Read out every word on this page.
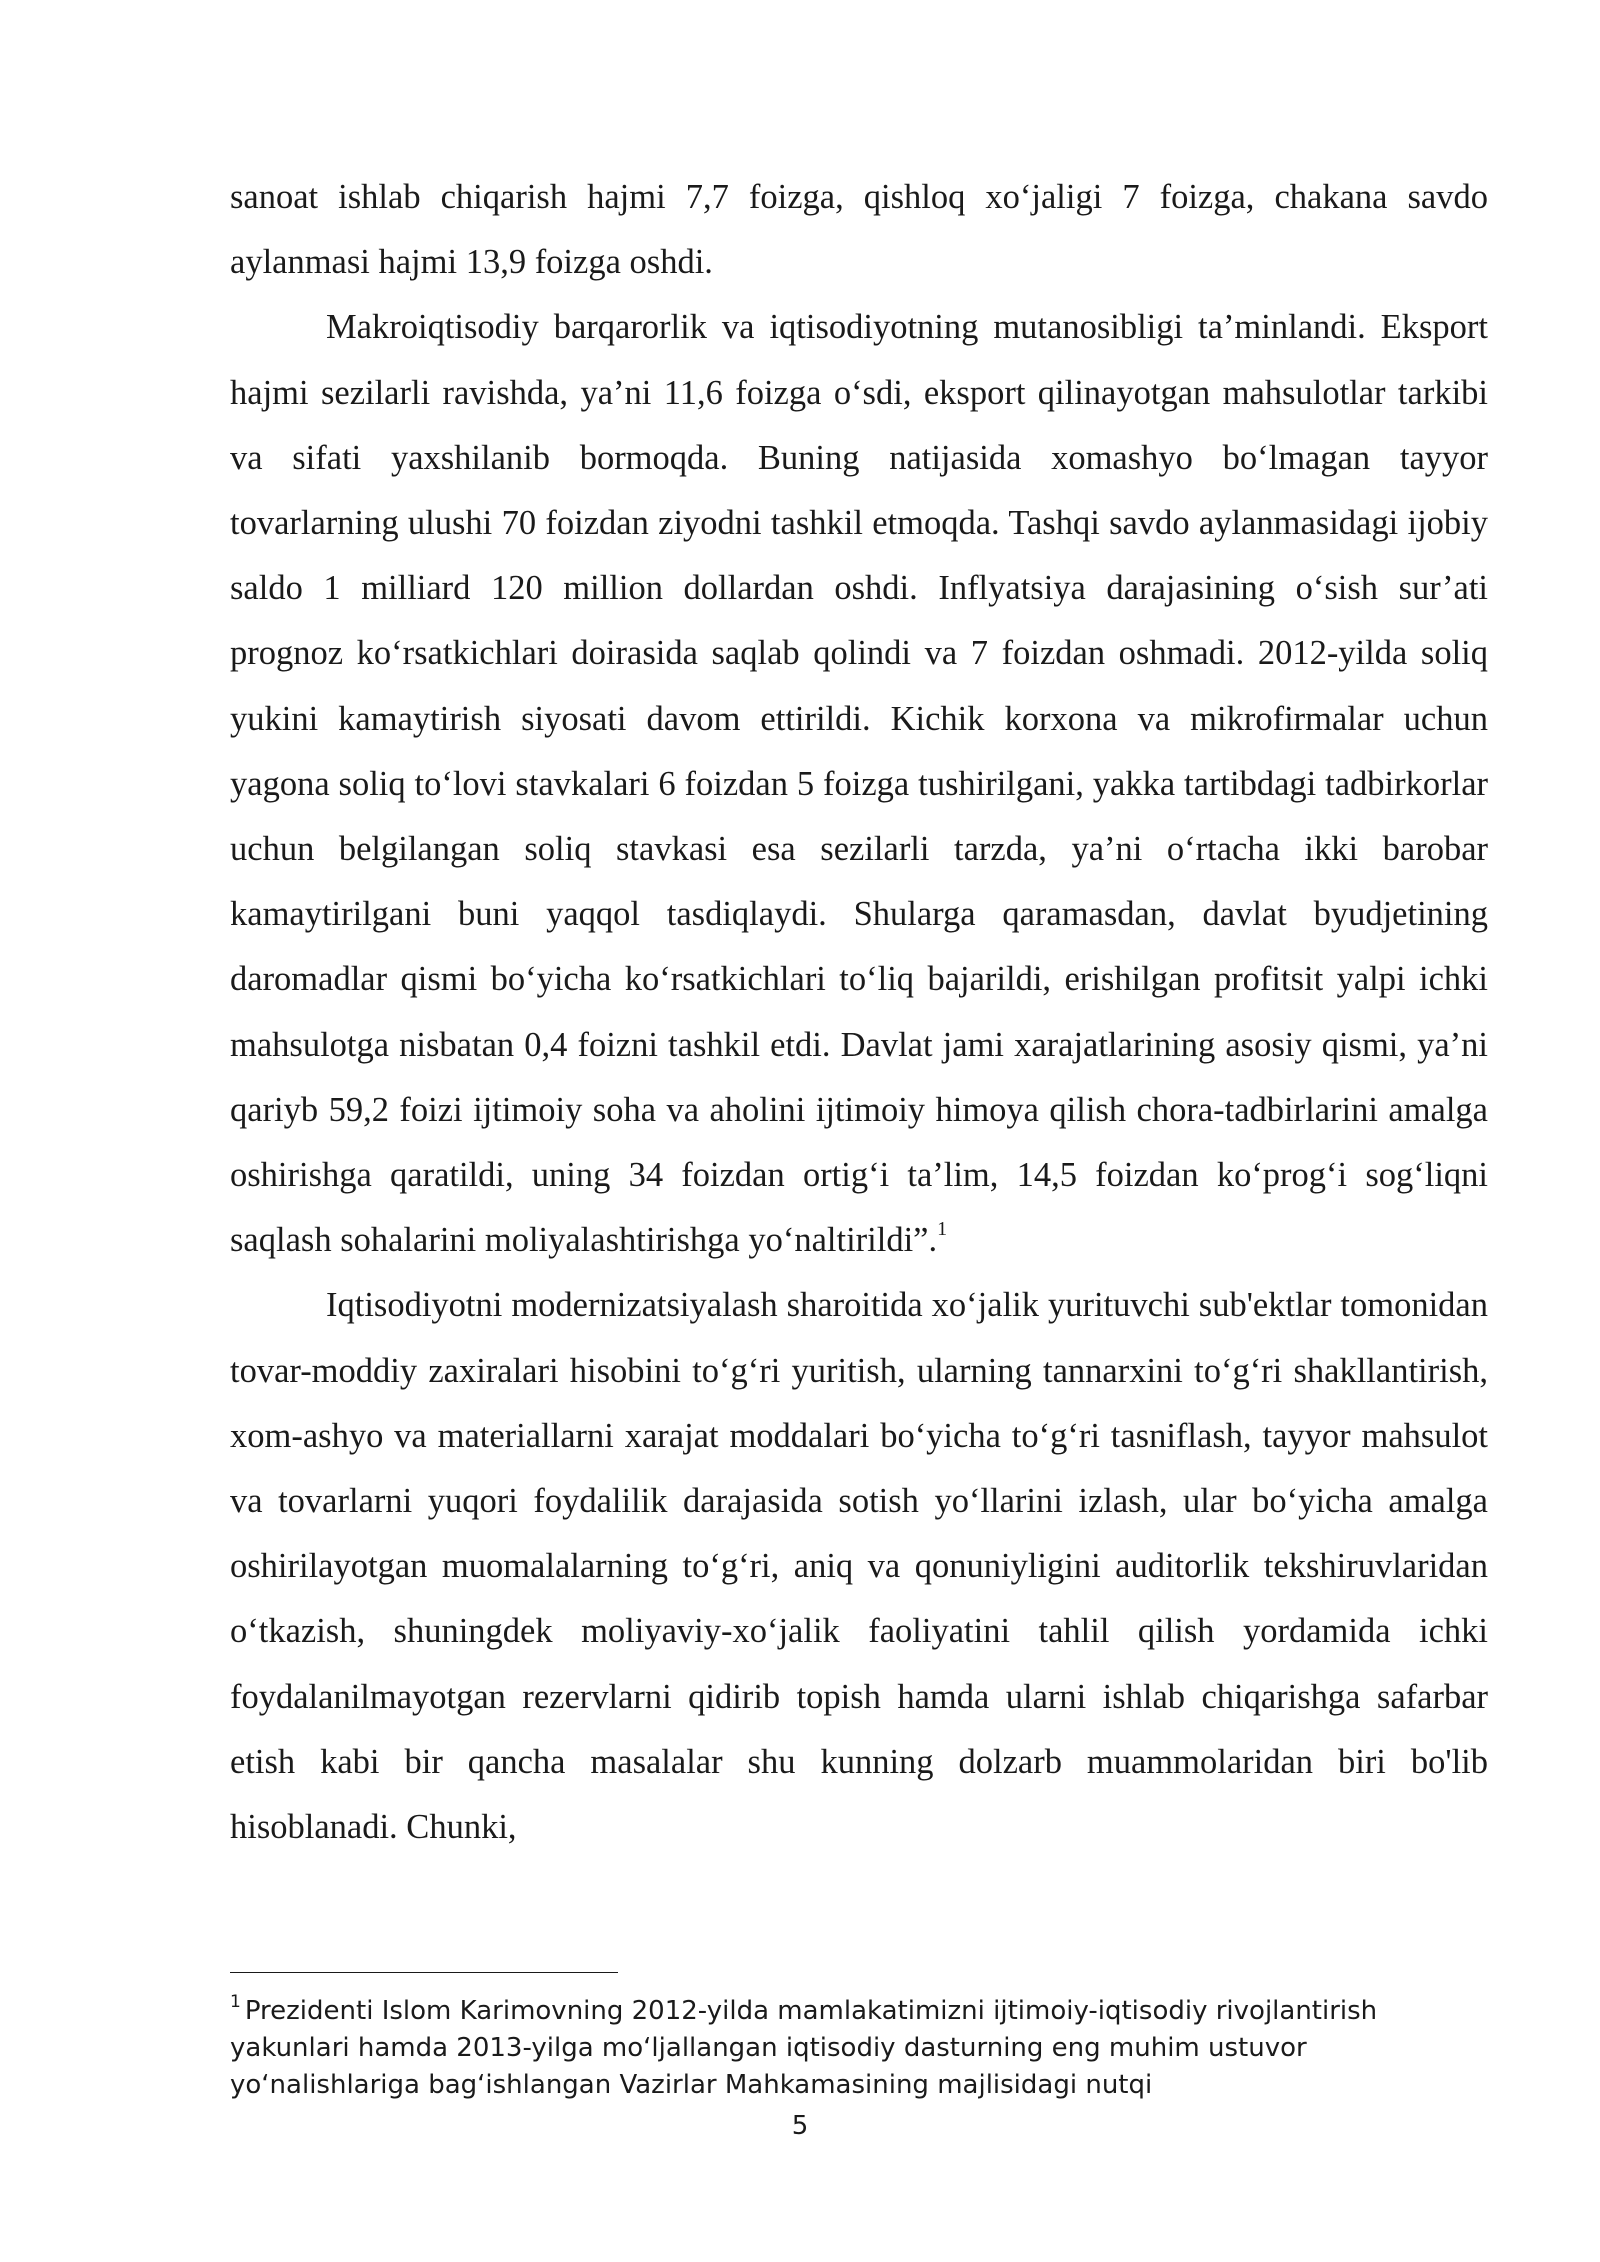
sanoat ishlab chiqarish hajmi 7,7 foizga, qishloq xo‘jaligi 7 foizga, chakana savdo aylanmasi hajmi 13,9 foizga oshdi.

Makroiqtisodiy barqarorlik va iqtisodiyotning mutanosibligi ta’minlandi. Eksport hajmi sezilarli ravishda, ya’ni 11,6 foizga o‘sdi, eksport qilinayotgan mahsulotlar tarkibi va sifati yaxshilanib bormoqda. Buning natijasida xomashyo bo‘lmagan tayyor tovarlarning ulushi 70 foizdan ziyodni tashkil etmoqda. Tashqi savdo aylanmasidagi ijobiy saldo 1 milliard 120 million dollardan oshdi. Inflyatsiya darajasining o‘sish sur’ati prognoz ko‘rsatkichlari doirasida saqlab qolindi va 7 foizdan oshmadi. 2012-yilda soliq yukini kamaytirish siyosati davom ettirildi. Kichik korxona va mikrofirmalar uchun yagona soliq to‘lovi stavkalari 6 foizdan 5 foizga tushirilgani, yakka tartibdagi tadbirkorlar uchun belgilangan soliq stavkasi esa sezilarli tarzda, ya’ni o‘rtacha ikki barobar kamaytirilgani buni yaqqol tasdiqlaydi. Shularga qaramasdan, davlat byudjetining daromadlar qismi bo‘yicha ko‘rsatkichlari to‘liq bajarildi, erishilgan profitsit yalpi ichki mahsulotga nisbatan 0,4 foizni tashkil etdi. Davlat jami xarajatlarining asosiy qismi, ya’ni qariyb 59,2 foizi ijtimoiy soha va aholini ijtimoiy himoya qilish chora-tadbirlarini amalga oshirishga qaratildi, uning 34 foizdan ortig‘i ta’lim, 14,5 foizdan ko‘prog‘i sog‘liqni saqlash sohalarini moliyalashtirishga yo‘naltirildi”.$^1$

Iqtisodiyotni modernizatsiyalash sharoitida xo‘jalik yurituvchi sub'ektlar tomonidan tovar-moddiy zaxiralari hisobini to‘g‘ri yuritish, ularning tannarxini to‘g‘ri shakllantirish, xom-ashyo va materiallarni xarajat moddalari bo‘yicha to‘g‘ri tasniflash, tayyor mahsulot va tovarlarni yuqori foydalilik darajasida sotish yo‘llarini izlash, ular bo‘yicha amalga oshirilayotgan muomalalarning to‘g‘ri, aniq va qonuniyligini auditorlik tekshiruvlaridan o‘tkazish, shuningdek moliyaviy-xo‘jalik faoliyatini tahlil qilish yordamida ichki foydalanilmayotgan rezervlarni qidirib topish hamda ularni ishlab chiqarishga safarbar etish kabi bir qancha masalalar shu kunning dolzarb muammolaridan biri bo'lib hisoblanadi. Chunki,

$^1$ Prezidenti Islom Karimovning 2012-yilda mamlakatimizni ijtimoiy-iqtisodiy rivojlantirish yakunlari hamda 2013-yilga mo‘ljallangan iqtisodiy dasturning eng muhim ustuvor yo‘nalishlariga bag‘ishlangan Vazirlar Mahkamasining majlisidagi nutqi

5
